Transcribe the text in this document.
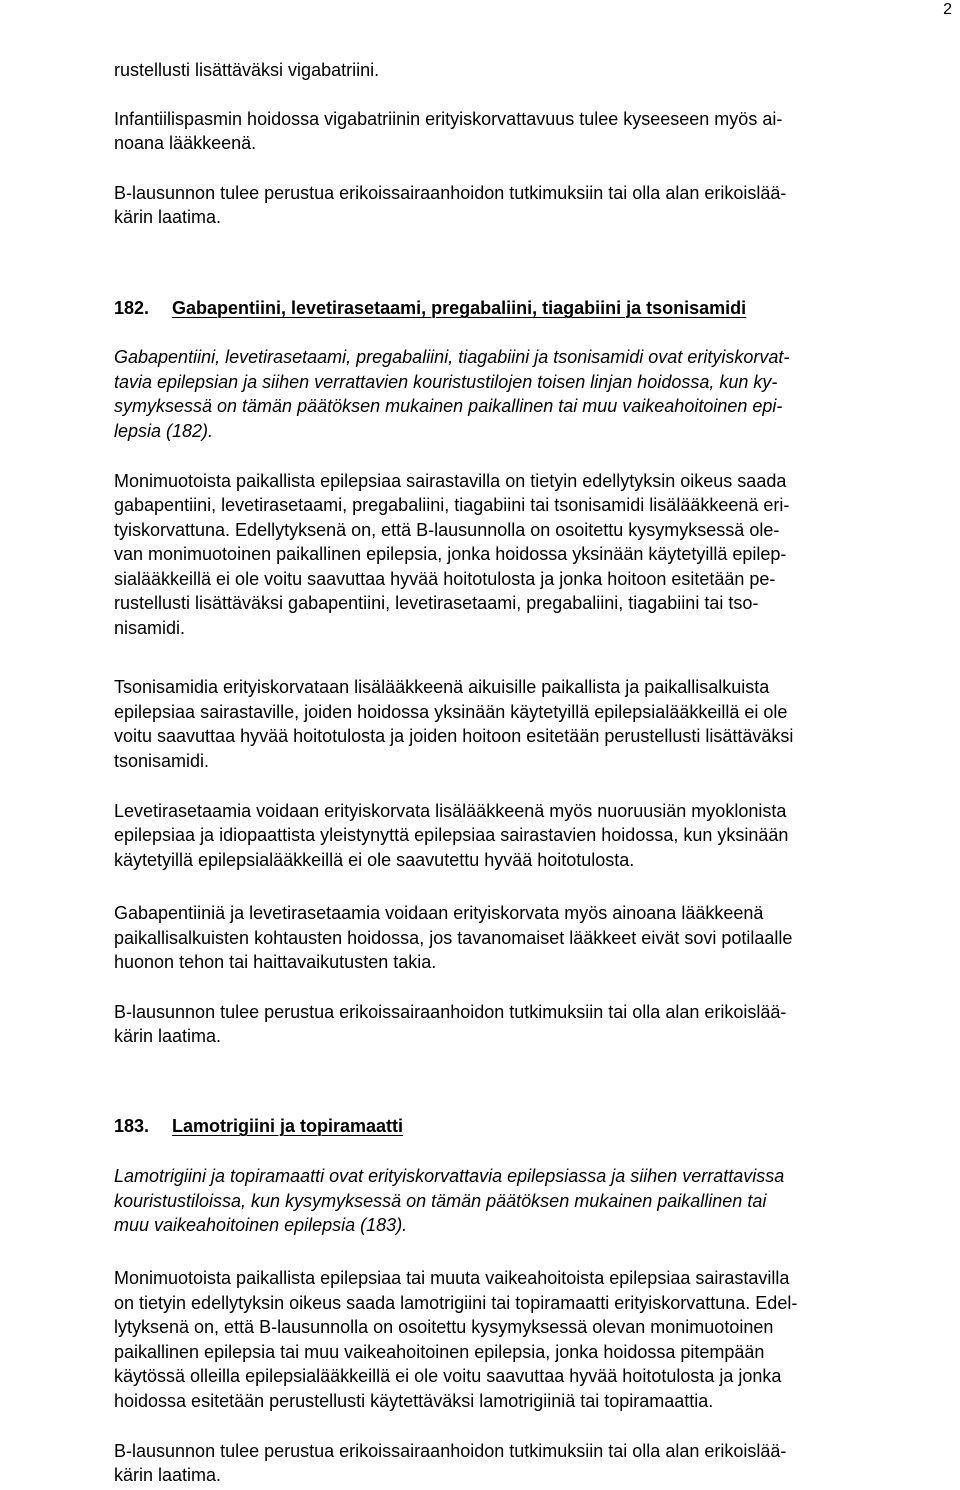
2
rustellusti lisättäväksi vigabatriini.
Infantiilispasmin hoidossa vigabatriinin erityiskorvattavuus tulee kyseeseen myös ai-
noana lääkkeenä.
B-lausunnon tulee perustua erikoissairaanhoidon tutkimuksiin tai olla alan erikoislää-
kärin laatima.
182. Gabapentiini, levetirasetaami, pregabaliini, tiagabiini ja tsonisamidi
Gabapentiini, levetirasetaami, pregabaliini, tiagabiini ja tsonisamidi ovat erityiskorvat-
tavia epilepsian ja siihen verrattavien kouristustilojen toisen linjan hoidossa, kun ky-
symyksessä on tämän päätöksen mukainen paikallinen tai muu vaikeahoitoinen epi-
lepsia (182).
Monimuotoista paikallista epilepsiaa sairastavilla on tietyin edellytyksin oikeus saada
gabapentiini, levetirasetaami, pregabaliini, tiagabiini tai tsonisamidi lisälääkkeenä eri-
tyiskorvattuna. Edellytyksenä on, että B-lausunnolla on osoitettu kysymyksessä ole-
van monimuotoinen paikallinen epilepsia, jonka hoidossa yksinään käytetyillä epilep-
sialääkkeillä ei ole voitu saavuttaa hyvää hoitotulosta ja jonka hoitoon esitetään pe-
rustellusti lisättäväksi gabapentiini, levetirasetaami, pregabaliini, tiagabiini tai tso-
nisamidi.
Tsonisamidia erityiskorvataan lisälääkkeenä aikuisille paikallista ja paikallisalkuista
epilepsiaa sairastaville, joiden hoidossa yksinään käytetyillä epilepsialääkkeillä ei ole
voitu saavuttaa hyvää hoitotulosta ja joiden hoitoon esitetään perustellusti lisättäväksi
tsonisamidi.
Levetirasetaamia voidaan erityiskorvata lisälääkkeenä myös nuoruusiän myoklonista
epilepsiaa ja idiopaattista yleistynyttä epilepsiaa sairastavien hoidossa, kun yksinään
käytetyillä epilepsialääkkeillä ei ole saavutettu hyvää hoitotulosta.
Gabapentiiniä ja levetirasetaamia voidaan erityiskorvata myös ainoana lääkkeenä
paikallisalkuisten kohtausten hoidossa, jos tavanomaiset lääkkeet eivät sovi potilaalle
huonon tehon tai haittavaikutusten takia.
B-lausunnon tulee perustua erikoissairaanhoidon tutkimuksiin tai olla alan erikoislää-
kärin laatima.
183. Lamotrigiini ja topiramaatti
Lamotrigiini ja topiramaatti ovat erityiskorvattavia epilepsiassa ja siihen verrattavissa
kouristustiloissa, kun kysymyksessä on tämän päätöksen mukainen paikallinen tai
muu vaikeahoitoinen epilepsia (183).
Monimuotoista paikallista epilepsiaa tai muuta vaikeahoitoista epilepsiaa sairastavilla
on tietyin edellytyksin oikeus saada lamotrigiini tai topiramaatti erityiskorvattuna. Edel-
lytyksenä on, että B-lausunnolla on osoitettu kysymyksessä olevan monimuotoinen
paikallinen epilepsia tai muu vaikeahoitoinen epilepsia, jonka hoidossa pitempään
käytössä olleilla epilepsialääkkeillä ei ole voitu saavuttaa hyvää hoitotulosta ja jonka
hoidossa esitetään perustellusti käytettäväksi lamotrigiiniä tai topiramaattia.
B-lausunnon tulee perustua erikoissairaanhoidon tutkimuksiin tai olla alan erikoislää-
kärin laatima.
